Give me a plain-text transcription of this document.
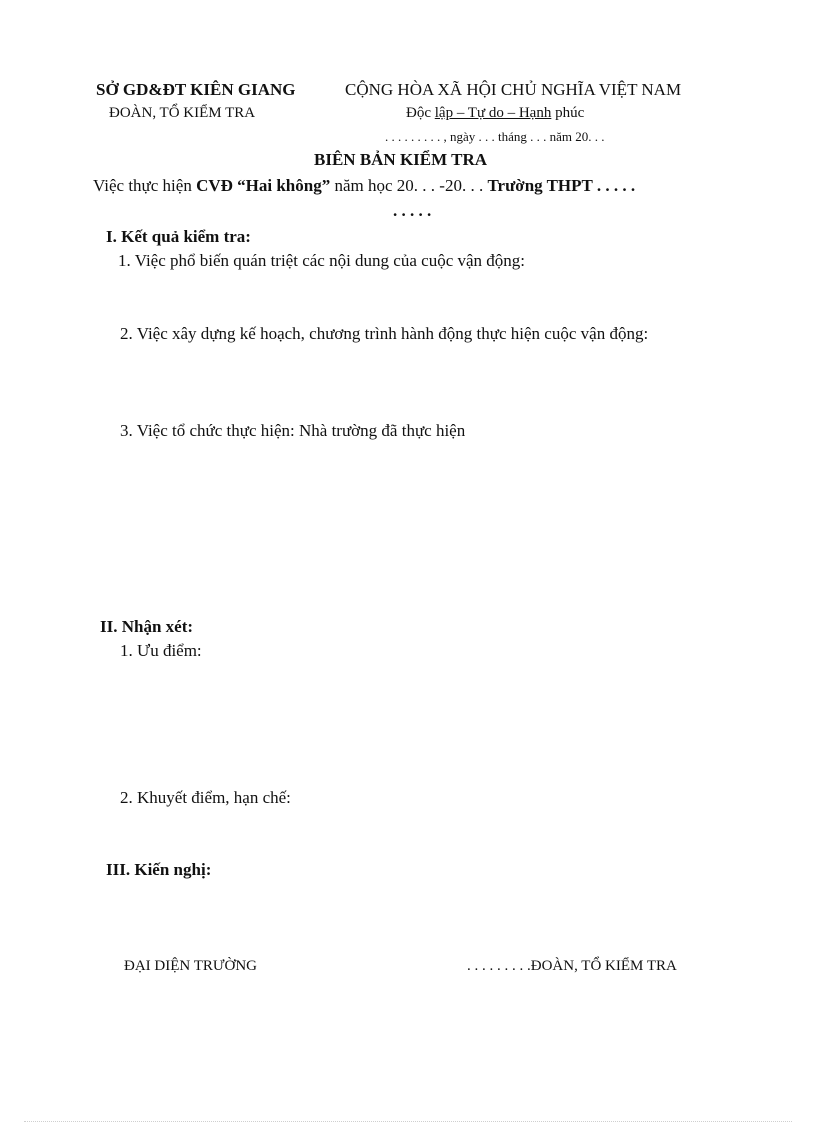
SỞ GD&ĐT KIÊN GIANG	CỘNG HÒA XÃ HỘI CHỦ NGHĨA VIỆT NAM
ĐOÀN, TỔ KIỂM TRA	Độc lập – Tự do – Hạnh phúc
. . . . . . . . . , ngày . . . tháng . . . năm 20. . .
BIÊN BẢN KIỂM TRA
Việc thực hiện CVĐ “Hai không” năm học 20. . . -20. . . Trường THPT . . . . .
. . . . .
I. Kết quả kiểm tra:
1. Việc phổ biến quán triệt các nội dung của cuộc vận động:
2. Việc xây dựng kế hoạch, chương trình hành động thực hiện cuộc vận động:
3. Việc tổ chức thực hiện: Nhà trường đã thực hiện
II. Nhận xét:
1. Ưu điểm:
2. Khuyết điểm, hạn chế:
III. Kiến nghị:
ĐẠI DIỆN TRƯỜNG	. . . . . . . . .ĐOÀN, TỔ KIỂM TRA
